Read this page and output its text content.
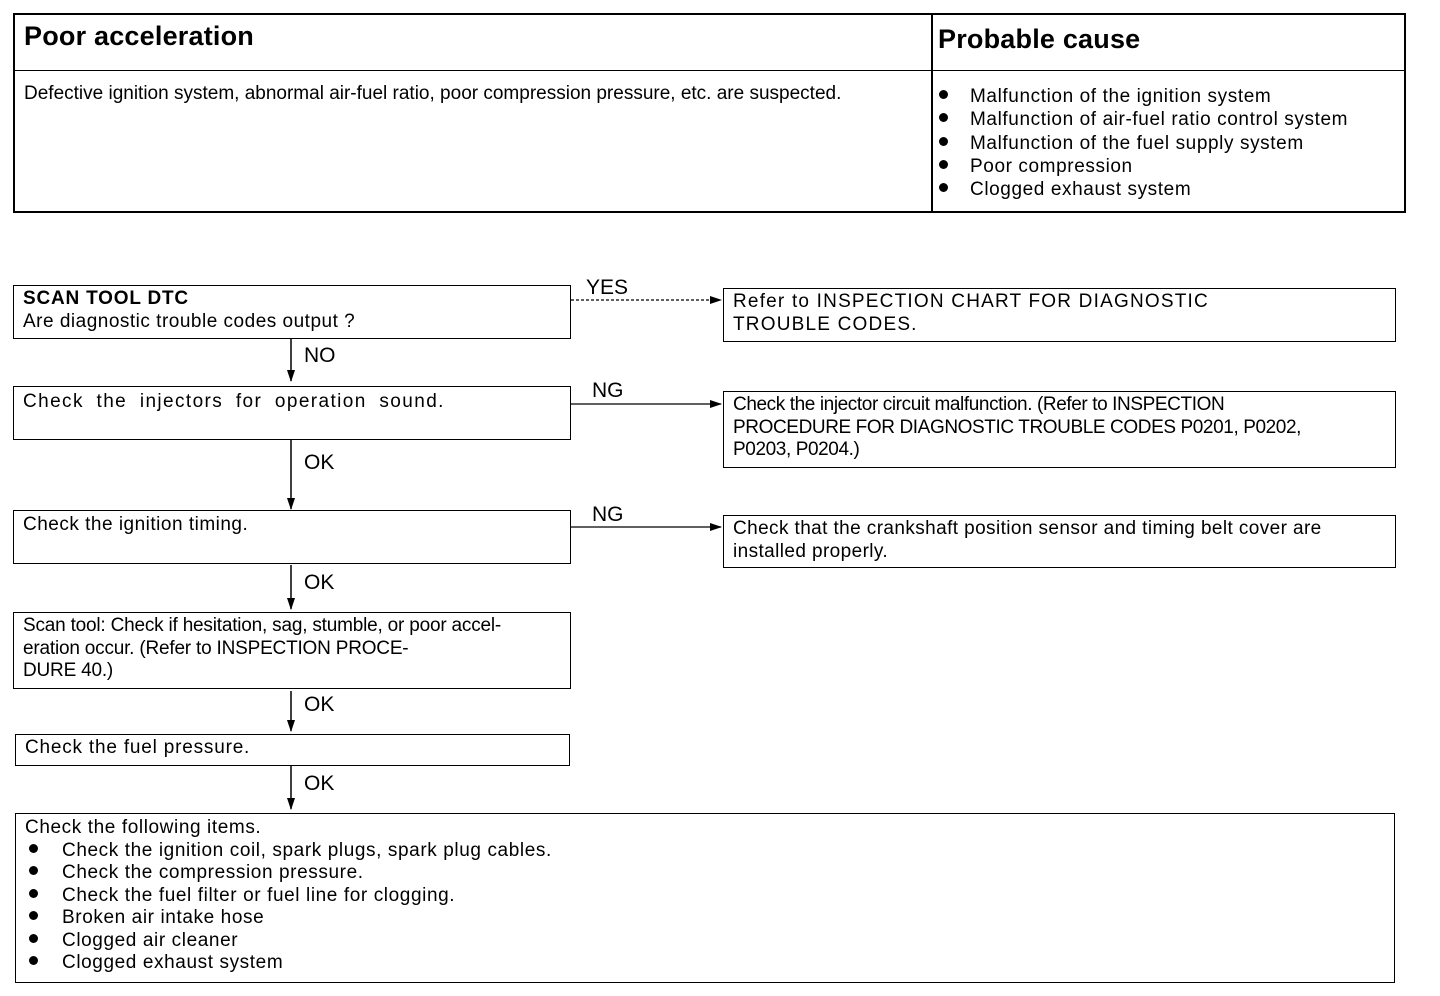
Poor acceleration	Probable cause
Defective ignition system, abnormal air-fuel ratio, poor compression pressure, etc. are suspected.	Malfunction of the ignition system
Malfunction of air-fuel ratio control system
Malfunction of the fuel supply system
Poor compression
Clogged exhaust system
SCAN TOOL DTC
Are diagnostic trouble codes output ?
YES
Refer to INSPECTION CHART FOR DIAGNOSTIC
TROUBLE CODES.
NO
Check the injectors for operation sound.	NG
Check the injector circuit malfunction. (Refer to INSPECTION
PROCEDURE FOR DIAGNOSTIC TROUBLE CODES P0201, P0202,
P0203, P0204.)
OK
Check the ignition timing.	NG
Check that the crankshaft position sensor and timing belt cover are
installed properly.
OK
Scan tool: Check if hesitation, sag, stumble, or poor accel-
eration occur. (Refer to INSPECTION PROCE-
DURE 40.)
OK
Check the fuel pressure.
OK
Check the following items.
Check the ignition coil, spark plugs, spark plug cables.
Check the compression pressure.
Check the fuel filter or fuel line for clogging.
Broken air intake hose
Clogged air cleaner
Clogged exhaust system
